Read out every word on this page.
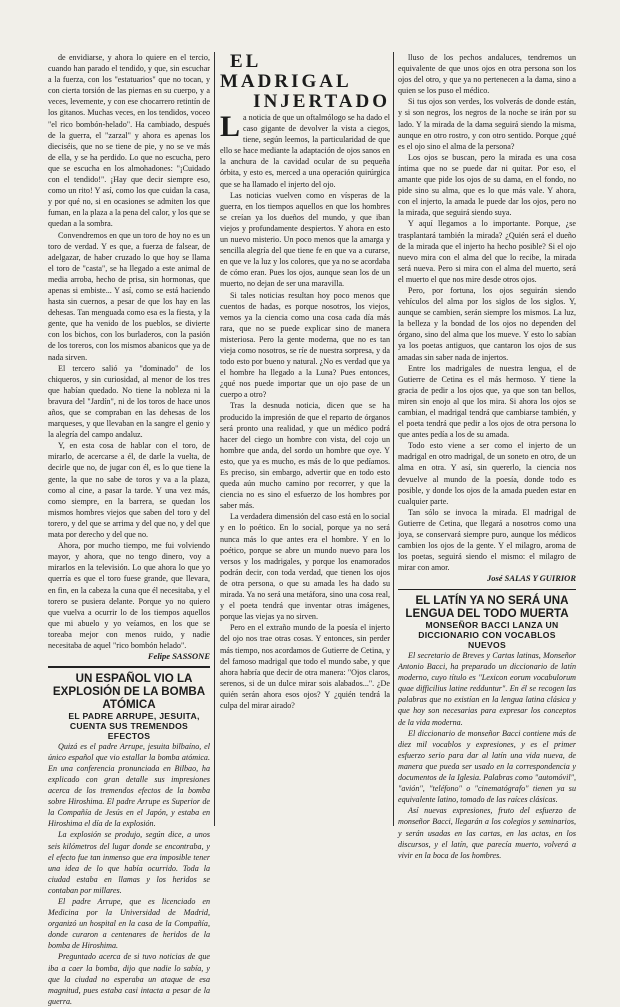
de envidiarse, y ahora lo quiere en el tercio, cuando han parado el tendido, y que, sin escuchar a la fuerza, con los "estatuarios" que no tocan, y con cierta torsión de las piernas en su cuerpo, y a veces, levemente, y con ese chocarrero retintín de los gitanos. Muchas veces, en los tendidos, voceo "el rico bombón-helado". Ha cambiado, después de la guerra, el "zarzal" y ahora es apenas los dieciséis, que no se tiene de pie, y no se ve más de ella, y se ha perdido. Lo que no escucha, pero que se escucha en los almohadones: "¡Cuidado con el tendido!". ¡Hay que decir siempre eso, como un rito! Y así, como los que cuidan la casa, y por qué no, si en ocasiones se admiten los que fuman, en la plaza a la pena del calor, y los que se quedan a la sombra.

Convendremos en que un toro de hoy no es un toro de verdad. Y es que, a fuerza de falsear, de adelgazar, de haber cruzado lo que hoy se llama el toro de "casta", se ha llegado a este animal de media arroba, hecho de prisa, sin hormonas, que apenas si embiste... Y así, como se está haciendo hasta sin cuernos, a pesar de que los hay en las dehesas. Tan menguada como esa es la fiesta, y la gente, que ha venido de los pueblos, se divierte con los bichos, con los burladeros, con la pasión de los toreros, con los mismos abanicos que ya de nada sirven.

El tercero salió ya "dominado" de los chiqueros, y sin curiosidad, al menor de los tres que habían quedado. No tiene la nobleza ni la bravura del "Jardín", ni de los toros de hace unos años, que se compraban en las dehesas de los marqueses, y que llevaban en la sangre el genio y la alegría del campo andaluz.

Y, en esta cosa de hablar con el toro, de mirarlo, de acercarse a él, de darle la vuelta, de decirle que no, de jugar con él, es lo que tiene la gente, la que no sabe de toros y va a la plaza, como al cine, a pasar la tarde. Y una vez más, como siempre, en la barrera, se quedan los mismos hombres viejos que saben del toro y del torero, y del que se arrima y del que no, y del que mata por derecho y del que no.

Ahora, por mucho tiempo, me fui volviendo mayor, y ahora, que no tengo dinero, voy a mirarlos en la televisión. Lo que ahora lo que yo querría es que el toro fuese grande, que llevara, en fin, en la cabeza la cuna que él necesitaba, y el torero se pusiera delante. Porque yo no quiero que vuelva a ocurrir lo de los tiempos aquellos que mi abuelo y yo veíamos, en los que se toreaba mejor con menos ruido, y nadie necesitaba de aquel "rico bombón helado".

Felipe SASSONE

UN ESPAÑOL VIO LA EXPLOSIÓN DE LA BOMBA ATÓMICA

EL PADRE ARRUPE, JESUITA, CUENTA SUS TREMENDOS EFECTOS

Quizá es el padre Arrupe, jesuita bilbaíno, el único español que vio estallar la bomba atómica. En una conferencia pronunciada en Bilbao, ha explicado con gran detalle sus impresiones acerca de los tremendos efectos de la bomba sobre Hiroshima. El padre Arrupe es Superior de la Compañía de Jesús en el Japón, y estaba en Hiroshima el día de la explosión.

La explosión se produjo, según dice, a unos seis kilómetros del lugar donde se encontraba, y el efecto fue tan inmenso que era imposible tener una idea de lo que había ocurrido. Toda la ciudad estaba en llamas y los heridos se contaban por millares.

El padre Arrupe, que es licenciado en Medicina por la Universidad de Madrid, organizó un hospital en la casa de la Compañía, donde curaron a centenares de heridos de la bomba de Hiroshima.

Preguntado acerca de si tuvo noticias de que iba a caer la bomba, dijo que nadie lo sabía, y que la ciudad no esperaba un ataque de esa magnitud, pues estaba casi intacta a pesar de la guerra.

EL MADRIGAL

INJERTADO

La noticia de que un oftalmólogo se ha dado el caso gigante de devolver la vista a ciegos, tiene, según leemos, la particularidad de que ello se hace mediante la adaptación de ojos sanos en la anchura de la cavidad ocular de su pequeña órbita, y esto es, merced a una operación quirúrgica que se ha llamado el injerto del ojo.

Las noticias vuelven como en vísperas de la guerra, en los tiempos aquellos en que los hombres se creían ya los dueños del mundo, y que iban viejos y profundamente despiertos. Y ahora en esto un nuevo misterio. Un poco menos que la amarga y sencilla alegría del que tiene fe en que va a curarse, en que ve la luz y los colores, que ya no se acordaba de cómo eran. Pues los ojos, aunque sean los de un muerto, no dejan de ser una maravilla.

Si tales noticias resultan hoy poco menos que cuentos de hadas, es porque nosotros, los viejos, vemos ya la ciencia como una cosa cada día más rara, que no se puede explicar sino de manera misteriosa. Pero la gente moderna, que no es tan vieja como nosotros, se ríe de nuestra sorpresa, y da todo esto por bueno y natural. ¿No es verdad que ya el hombre ha llegado a la Luna? Pues entonces, ¿qué nos puede importar que un ojo pase de un cuerpo a otro?

Tras la desnuda noticia, dicen que se ha producido la impresión de que el reparto de órganos será pronto una realidad, y que un médico podrá hacer del ciego un hombre con vista, del cojo un hombre que anda, del sordo un hombre que oye. Y esto, que ya es mucho, es más de lo que pedíamos. Es preciso, sin embargo, advertir que en todo esto queda aún mucho camino por recorrer, y que la ciencia no es sino el esfuerzo de los hombres por saber más.

La verdadera dimensión del caso está en lo social y en lo poético. En lo social, porque ya no será nunca más lo que antes era el hombre. Y en lo poético, porque se abre un mundo nuevo para los versos y los madrigales, y porque los enamorados podrán decir, con toda verdad, que tienen los ojos de otra persona, o que su amada les ha dado su mirada. Ya no será una metáfora, sino una cosa real, y el poeta tendrá que inventar otras imágenes, porque las viejas ya no sirven.

Pero en el extraño mundo de la poesía el injerto del ojo nos trae otras cosas. Y entonces, sin perder más tiempo, nos acordamos de Gutierre de Cetina, y del famoso madrigal que todo el mundo sabe, y que ahora habría que decir de otra manera: "Ojos claros, serenos, si de un dulce mirar sois alabados...". ¿De quién serán ahora esos ojos? Y ¿quién tendrá la culpa del mirar airado?

lluso de los pechos andaluces, tendremos un equivalente de que unos ojos en otra persona son los ojos del otro, y que ya no pertenecen a la dama, sino a quien se los puso el médico.

Si tus ojos son verdes, los volverás de donde están, y si son negros, los negros de la noche se irán por su lado. Y la mirada de la dama seguirá siendo la misma, aunque en otro rostro, y con otro sentido. Porque ¿qué es el ojo sino el alma de la persona?

Los ojos se buscan, pero la mirada es una cosa íntima que no se puede dar ni quitar. Por eso, el amante que pide los ojos de su dama, en el fondo, no pide sino su alma, que es lo que más vale. Y ahora, con el injerto, la amada le puede dar los ojos, pero no la mirada, que seguirá siendo suya.

Y aquí llegamos a lo importante. Porque, ¿se trasplantará también la mirada? ¿Quién será el dueño de la mirada que el injerto ha hecho posible? Si el ojo nuevo mira con el alma del que lo recibe, la mirada será nueva. Pero si mira con el alma del muerto, será el muerto el que nos mire desde otros ojos.

Pero, por fortuna, los ojos seguirán siendo vehículos del alma por los siglos de los siglos. Y, aunque se cambien, serán siempre los mismos. La luz, la belleza y la bondad de los ojos no dependen del órgano, sino del alma que los mueve. Y esto lo sabían ya los poetas antiguos, que cantaron los ojos de sus amadas sin saber nada de injertos.

Entre los madrigales de nuestra lengua, el de Gutierre de Cetina es el más hermoso. Y tiene la gracia de pedir a los ojos que, ya que son tan bellos, miren sin enojo al que los mira. Si ahora los ojos se cambian, el madrigal tendrá que cambiarse también, y el poeta tendrá que pedir a los ojos de otra persona lo que antes pedía a los de su amada.

Todo esto viene a ser como el injerto de un madrigal en otro madrigal, de un soneto en otro, de un alma en otra. Y así, sin quererlo, la ciencia nos devuelve al mundo de la poesía, donde todo es posible, y donde los ojos de la amada pueden estar en cualquier parte.

Tan sólo se invoca la mirada. El madrigal de Gutierre de Cetina, que llegará a nosotros como una joya, se conservará siempre puro, aunque los médicos cambien los ojos de la gente. Y el milagro, aroma de los poetas, seguirá siendo el mismo: el milagro de mirar con amor.

José SALAS Y GUIRIOR

EL LATÍN YA NO SERÁ UNA LENGUA DEL TODO MUERTA

MONSEÑOR BACCI LANZA UN DICCIONARIO CON VOCABLOS NUEVOS

El secretario de Breves y Cartas latinas, Monseñor Antonio Bacci, ha preparado un diccionario de latín moderno, cuyo título es "Lexicon eorum vocabulorum quae difficilius latine redduntur". En él se recogen las palabras que no existían en la lengua latina clásica y que hoy son necesarias para expresar los conceptos de la vida moderna.

El diccionario de monseñor Bacci contiene más de diez mil vocablos y expresiones, y es el primer esfuerzo serio para dar al latín una vida nueva, de manera que pueda ser usado en la correspondencia y documentos de la Iglesia. Palabras como "automóvil", "avión", "teléfono" o "cinematógrafo" tienen ya su equivalente latino, tomado de las raíces clásicas.

Así nuevas expresiones, fruto del esfuerzo de monseñor Bacci, llegarán a los colegios y seminarios, y serán usadas en las cartas, en las actas, en los discursos, y el latín, que parecía muerto, volverá a vivir en la boca de los hombres.
